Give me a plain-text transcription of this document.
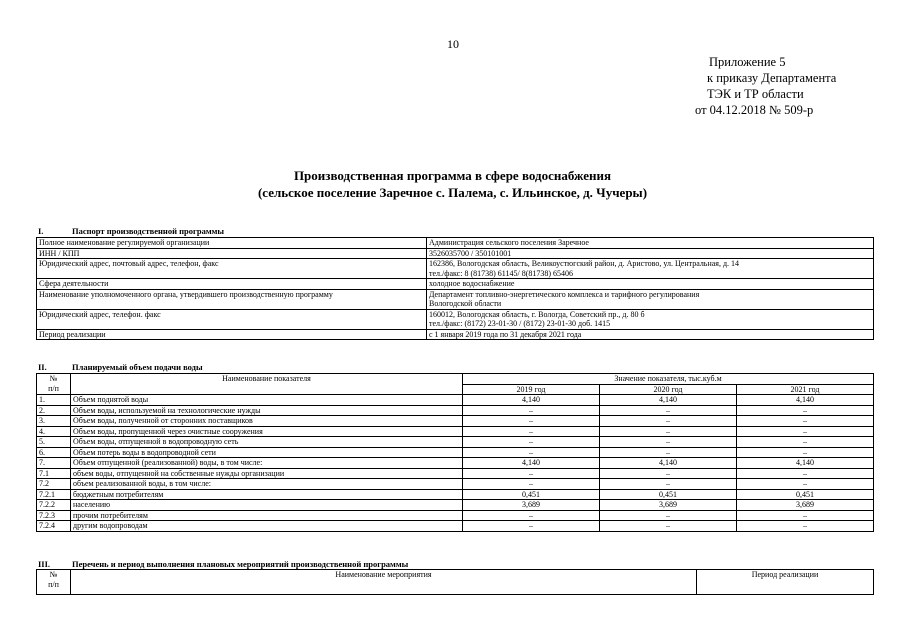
10
Приложение 5
к приказу Департамента
ТЭК и ТР области
от 04.12.2018 № 509-р
Производственная программа в сфере водоснабжения
(сельское поселение Заречное с. Палема, с. Ильинское, д. Чучеры)
I.	Паспорт производственной программы
Полное наименование регулируемой организации	Администрация сельского поселения Заречное
ИНН / КПП	3526035700 / 350101001
Юридический адрес, почтовый адрес, телефон, факс	162386, Вологодская область, Великоустюгский район, д. Аристово, ул. Центральная, д. 14
тел./факс: 8 (81738) 61145/ 8(81738) 65406

Сфера деятельности	холодное водоснабжение
Наименование уполномоченного органа, утвердившего производственную программу	Департамент топливно-энергетического комплекса и тарифного регулирования
Вологодской области

Юридический адрес, телефон. факс	160012, Вологодская область, г. Вологда, Советский пр., д. 80 б
тел./факс: (8172) 23-01-30 / (8172) 23-01-30 доб. 1415

Период реализации	с 1 января 2019 года по 31 декабря 2021 года
II.	Планируемый объем подачи воды
№	Наименование показателя	Значение показателя, тыс.куб.м		
п/п		2019 год	2020 год	2021 год
1.	Объем поднятой воды	4,140	4,140	4,140
2.	Объем воды, используемой на технологические нужды	–	–	–
3.	Объем воды, полученной от сторонних поставщиков	–	–	–
4.	Объем воды, пропущенной через очистные сооружения	–	–	–
5.	Объем воды, отпущенной в водопроводную сеть	–	–	–
6.	Объем потерь воды в водопроводной сети	–	–	–
7.	Объем отпущенной (реализованной) воды, в том числе:	4,140	4,140	4,140
7.1	объем воды, отпущенной на собственные нужды организации	–	–	–
7.2	объем реализованной воды, в том числе:	–	–	–
7.2.1	бюджетным потребителям	0,451	0,451	0,451
7.2.2	населению	3,689	3,689	3,689
7.2.3	прочим потребителям	–	–	–
7.2.4	другим водопроводам	–	–	–
III.	Перечень и период выполнения плановых мероприятий производственной программы
№
п/п
	Наименование мероприятия	Период реализации
